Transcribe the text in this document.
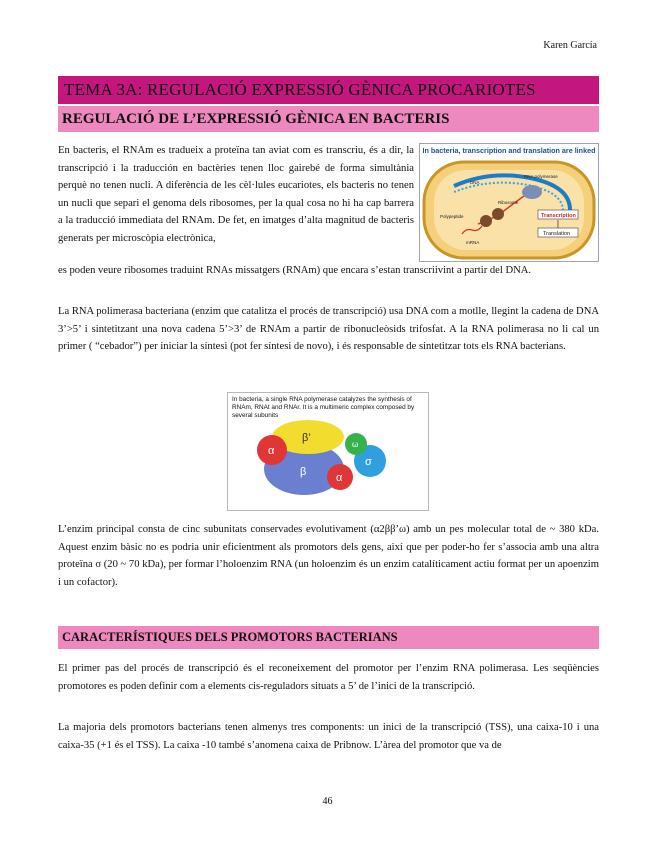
Karen García
TEMA 3A: REGULACIÓ EXPRESSIÓ GÈNICA PROCARIOTES
REGULACIÓ DE L’EXPRESSIÓ GÈNICA EN BACTERIS
En bacteris, el RNAm es tradueix a proteïna tan aviat com es transcriu, és a dir, la transcripció i la traducción en bactèries tenen lloc gairebé de forma simultània perquè no tenen nucli. A diferència de les cèl·lules eucariotes, els bacteris no tenen un nucli que separi el genoma dels ribosomes, per la qual cosa no hi ha cap barrera a la traducció immediata del RNAm. De fet, en imatges d’alta magnitud de bacteris generats per microscòpia electrònica,
In bacteria, transcription and translation are linked
DNA
RNA polymerase
Ribosome
Polypeptide
mRNA
Transcription
Translation

es poden veure ribosomes traduint RNAs missatgers (RNAm) que encara s’estan transcriivint a partir del DNA.

La RNA polimerasa bacteriana (enzim que catalitza el procés de transcripció) usa DNA com a motlle, llegint la cadena de DNA 3’>5’ i sintetitzant una nova cadena 5’>3’ de RNAm a partir de ribonucleòsids trifosfat. A la RNA polimerasa no li cal un primer ( “cebador”) per iniciar la síntesi (pot fer síntesi de novo), i és responsable de sintetitzar tots els RNA bacterians.

In bacteria, a single RNA polymerase catalyzes the synthesis of RNAm, RNAt and RNAr. It is a multimeric complex composed by several subunits
α
β’
β	α
σ
ω

L’enzim principal consta de cinc subunitats conservades evolutivament (α2ββ’ω) amb un pes molecular total de ~ 380 kDa. Aquest enzim bàsic no es podria unir eficientment als promotors dels gens, així que per poder-ho fer s’associa amb una altra proteïna σ (20 ~ 70 kDa), per formar l’holoenzim RNA (un holoenzim és un enzim catalíticament actiu format per un apoenzim i un cofactor).

CARACTERÍSTIQUES DELS PROMOTORS BACTERIANS

El primer pas del procés de transcripció és el reconeixement del promotor per l’enzim RNA polimerasa. Les seqüències promotores es poden definir com a elements cis-reguladors situats a 5’ de l’inici de la transcripció.

La majoria dels promotors bacterians tenen almenys tres components: un inici de la transcripció (TSS), una caixa-10 i una caixa-35 (+1 és el TSS). La caixa -10 també s’anomena caixa de Pribnow. L’àrea del promotor que va de

46
